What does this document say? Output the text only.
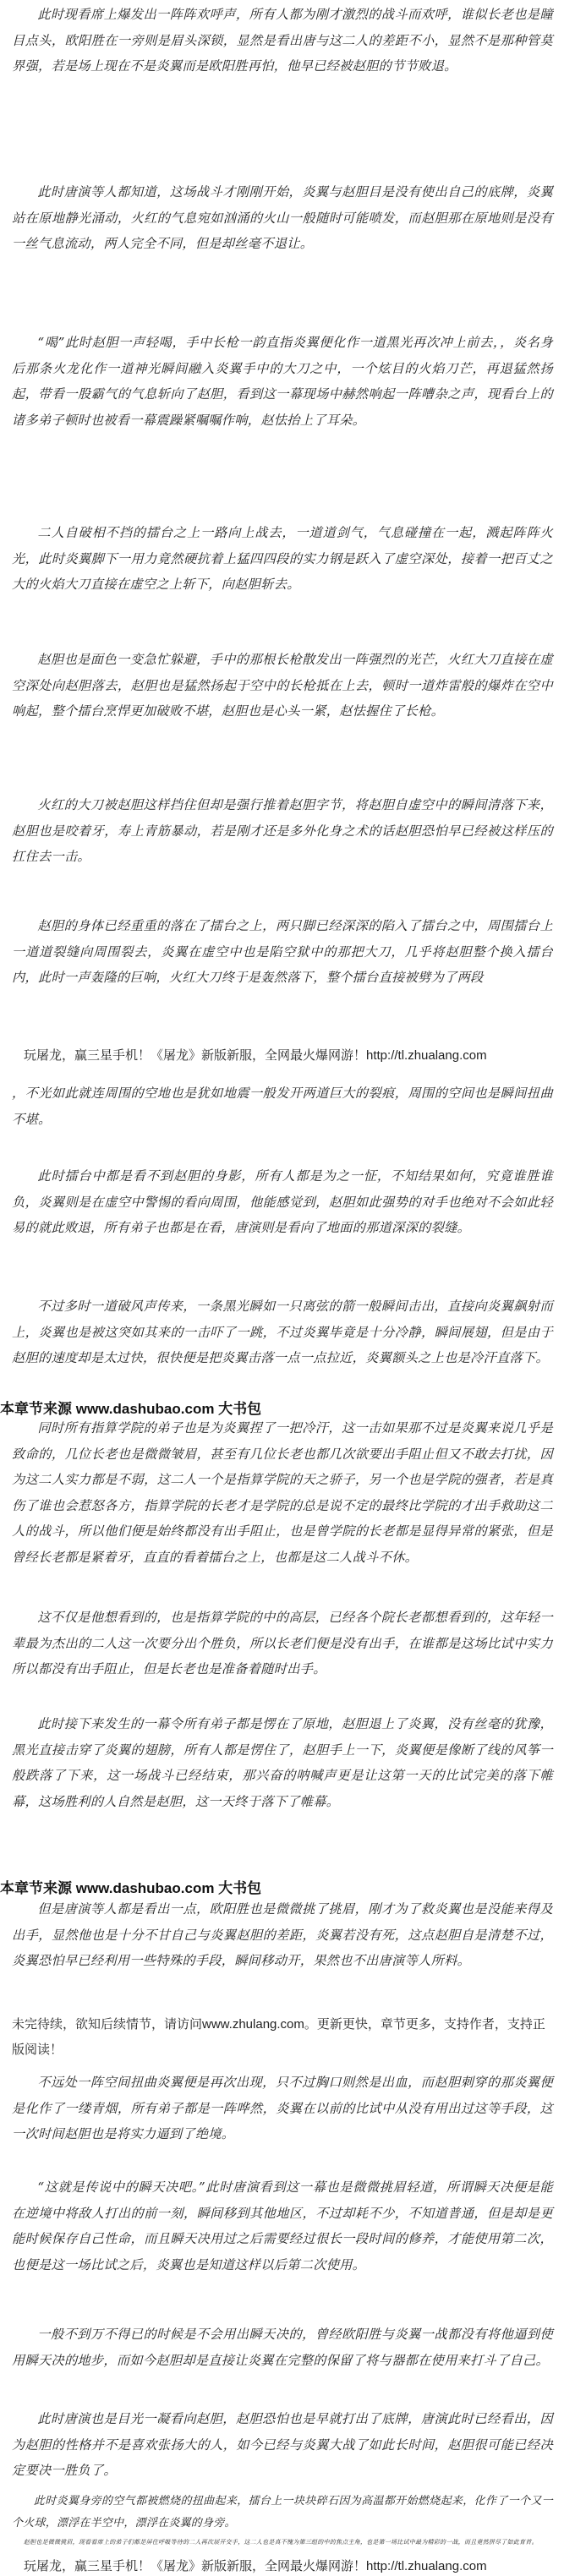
此时现看席上爆发出一阵阵欢呼声，所有人都为刚才激烈的战斗而欢呼，谁似长老也是瞳目点头，欧阳胜在一旁则是眉头深锁，显然是看出唐与这二人的差距不小，显然不是那种管莫界强，若是场上现在不是炎翼而是欧阳胜再怕，他早已经被赵胆的节节败退。

此时唐演等人都知道，这场战斗才刚刚开始，炎翼与赵胆目是没有使出自己的底牌，炎翼站在原地静光涌动，火红的气息宛如汹涌的火山一般随时可能喷发，而赵胆那在原地则是没有一丝气息流动，两人完全不同，但是却丝毫不退让。

“喝”此时赵胆一声轻喝，手中长枪一韵直指炎翼便化作一道黑光再次冲上前去，，炎名身后那条火龙化作一道神光瞬间融入炎翼手中的大刀之中，一个炫目的火焰刀芒，再退猛然扬起，带看一股霸气的气息斩向了赵胆，看到这一幕现场中赫然响起一阵嘈杂之声，现看台上的诸多弟子顿时也被看一幕震躁紧嘱嘱作响，赵怯抬上了耳朵。

二人自破相不挡的擂台之上一路向上战去，一道道剑气，气息碰撞在一起，溅起阵阵火光，此时炎翼脚下一用力竟然硬抗着上猛四四段的实力钢是跃入了虚空深处，接着一把百丈之大的火焰大刀直接在虚空之上斩下，向赵胆斩去。

赵胆也是面色一变急忙躲避，手中的那根长枪散发出一阵强烈的光芒，火红大刀直接在虚空深处向赵胆落去，赵胆也是猛然扬起于空中的长枪抵在上去，顿时一道炸雷般的爆炸在空中响起，整个擂台烹悍更加破败不堪，赵胆也是心头一紧，赵怯握住了长枪。

火红的大刀被赵胆这样挡住但却是强行推着赵胆字节，将赵胆自虚空中的瞬间清落下来，赵胆也是咬着牙，寿上青筋暴动，若是刚才还是多外化身之术的话赵胆恐怕早已经被这样压的扛住去一击。

赵胆的身体已经重重的落在了擂台之上，两只脚已经深深的陷入了擂台之中，周围擂台上一道道裂缝向周围裂去，炎翼在虚空中也是陷空狱中的那把大刀，几乎将赵胆整个换入擂台内，此时一声轰隆的巨响，火红大刀终于是轰然落下，整个擂台直接被劈为了两段

玩屠龙，赢三星手机！《屠龙》新版新服，全网最火爆网游！http://tl.zhualang.com

，不光如此就连周围的空地也是犹如地震一般发开两道巨大的裂痕，周围的空间也是瞬间扭曲不堪。

此时擂台中都是看不到赵胆的身影，所有人都是为之一怔，不知结果如何，究竟谁胜谁负，炎翼则是在虚空中警惕的看向周围，他能感觉到，赵胆如此强势的对手也绝对不会如此轻易的就此败退，所有弟子也都是在看，唐演则是看向了地面的那道深深的裂缝。

不过多时一道破风声传来，一条黑光瞬如一只离弦的箭一般瞬间击出，直接向炎翼飙射而上，炎翼也是被这突如其来的一击吓了一跳，不过炎翼毕竟是十分冷静，瞬间展翅，但是由于赵胆的速度却是太过快，很快便是把炎翼击落一点一点拉近，炎翼额头之上也是冷汗直落下。

本章节来源 www.dashubao.com 大书包

同时所有指算学院的弟子也是为炎翼捏了一把冷汗，这一击如果那不过是炎翼来说几乎是致命的，几位长老也是微微皱眉，甚至有几位长老也都几次欲要出手阻止但又不敢去打扰，因为这二人实力都是不弱，这二人一个是指算学院的天之骄子，另一个也是学院的强者，若是真伤了谁也会惹怒各方，指算学院的长老才是学院的总是说不定的最终比学院的才出手救助这二人的战斗，所以他们便是始终都没有出手阻止，也是曾学院的长老都是显得异常的紧张，但是曾经长老都是紧着牙，直直的看着擂台之上，也都是这二人战斗不休。

这不仅是他想看到的，也是指算学院的中的高层，已经各个院长老都想看到的，这年轻一辈最为杰出的二人这一次要分出个胜负，所以长老们便是没有出手，在谁都是这场比试中实力所以都没有出手阻止，但是长老也是准备着随时出手。

此时接下来发生的一幕令所有弟子都是愣在了原地，赵胆退上了炎翼，没有丝毫的犹豫，黑光直接击穿了炎翼的翅膀，所有人都是愣住了，赵胆手上一下，炎翼便是像断了线的风筝一般跌落了下来，这一场战斗已经结束，那兴奋的呐喊声更是让这第一天的比试完美的落下帷幕，这场胜利的人自然是赵胆，这一天终于落下了帷幕。

本章节来源 www.dashubao.com 大书包

但是唐演等人都是看出一点，欧阳胜也是微微挑了挑眉，刚才为了救炎翼也是没能来得及出手，显然他也是十分不甘自己与炎翼赵胆的差距，炎翼若没有死，这点赵胆自是清楚不过，炎翼恐怕早已经利用一些特殊的手段，瞬间移动开，果然也不出唐演等人所料。

未完待续，欲知后续情节，请访问www.zhulang.com。更新更快，章节更多，支持作者，支持正版阅读！

不远处一阵空间扭曲炎翼便是再次出现，只不过胸口则然是出血，而赵胆刺穿的那炎翼便是化作了一缕青烟，所有弟子都是一阵哗然，炎翼在以前的比试中从没有用出过这等手段，这一次时间赵胆也是将实力逼到了绝境。

“这就是传说中的瞬天决吧。”此时唐演看到这一幕也是微微挑眉轻道，所谓瞬天决便是能在逆境中将敌人打出的前一刻，瞬间移到其他地区，不过却耗不少，不知道普通，但是却是更能时候保存自己性命，而且瞬天决用过之后需要经过很长一段时间的修养，才能使用第二次，也便是这一场比试之后，炎翼也是知道这样以后第二次使用。

一般不到万不得已的时候是不会用出瞬天决的，曾经欧阳胜与炎翼一战都没有将他逼到使用瞬天决的地步，而如今赵胆却是直接让炎翼在完整的保留了将与器都在使用来打斗了自己。

此时唐演也是目光一凝看向赵胆，赵胆恐怕也是早就打出了底牌，唐演此时已经看出，因为赵胆的性格并不是喜欢张扬大的人，如今已经与炎翼大战了如此长时间，赵胆很可能已经决定要决一胜负了。

此时炎翼身旁的空气都被燃烧的扭曲起来，擂台上一块块碎石因为高温都开始燃烧起来，化作了一个又一个火球，漂浮在半空中，漂浮在炎翼的身旁。

赵胆也是微微挑眉，现看看席上的弟子们都是屏住呼吸等待的二人再次展开交手，这二人也是真不愧为第三组的中的焦点主角，也是第一场比试中最为精彩的一战，而且竟然拼尽了如此育首。

玩屠龙，赢三星手机！《屠龙》新版新服，全网最火爆网游！http://tl.zhualang.com
